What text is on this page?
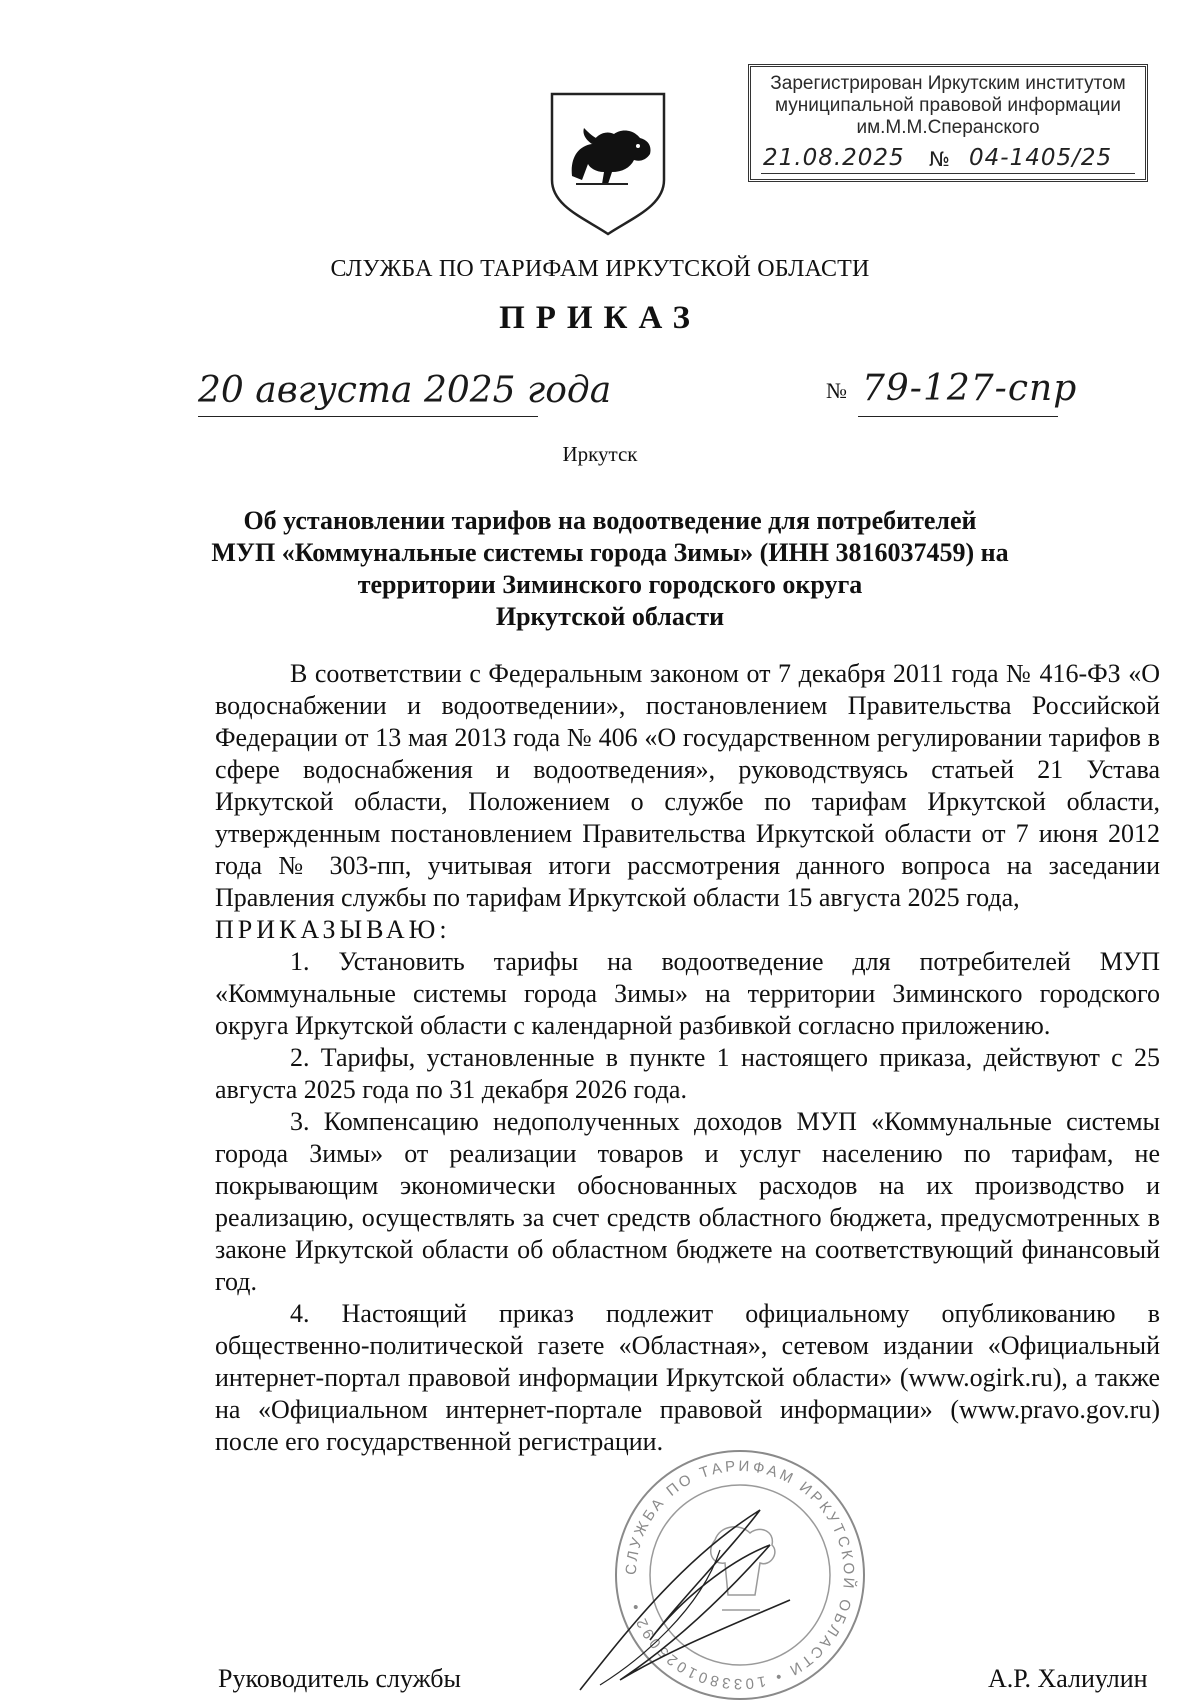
Зарегистрирован Иркутским институтом
муниципальной правовой информации
им.М.М.Сперанского
21.08.2025 № 04-1405/25
СЛУЖБА ПО ТАРИФАМ ИРКУТСКОЙ ОБЛАСТИ
ПРИКАЗ
20 августа 2025 года	№ 79-127-спр
Иркутск
Об установлении тарифов на водоотведение для потребителей
МУП «Коммунальные системы города Зимы» (ИНН 3816037459) на
территории Зиминского городского округа
Иркутской области

В соответствии с Федеральным законом от 7 декабря 2011 года № 416-ФЗ «О водоснабжении и водоотведении», постановлением Правительства Российской Федерации от 13 мая 2013 года № 406 «О государственном регулировании тарифов в сфере водоснабжения и водоотведения», руководствуясь статьей 21 Устава Иркутской области, Положением о службе по тарифам Иркутской области, утвержденным постановлением Правительства Иркутской области от 7 июня 2012 года № 303-пп, учитывая итоги рассмотрения данного вопроса на заседании Правления службы по тарифам Иркутской области 15 августа 2025 года,

ПРИКАЗЫВАЮ:

1. Установить тарифы на водоотведение для потребителей МУП «Коммунальные системы города Зимы» на территории Зиминского городского округа Иркутской области с календарной разбивкой согласно приложению.

2. Тарифы, установленные в пункте 1 настоящего приказа, действуют с 25 августа 2025 года по 31 декабря 2026 года.

3. Компенсацию недополученных доходов МУП «Коммунальные системы города Зимы» от реализации товаров и услуг населению по тарифам, не покрывающим экономически обоснованных расходов на их производство и реализацию, осуществлять за счет средств областного бюджета, предусмотренных в законе Иркутской области об областном бюджете на соответствующий финансовый год.

4. Настоящий приказ подлежит официальному опубликованию в общественно-политической газете «Областная», сетевом издании «Официальный интернет-портал правовой информации Иркутской области» (www.ogirk.ru), а также на «Официальном интернет-портале правовой информации» (www.pravo.gov.ru) после его государственной регистрации.

СЛУЖБА ПО ТАРИФАМ ИРКУТСКОЙ ОБЛАСТИ • 1033801025092 •
Руководитель службы	А.Р. Халиулин
